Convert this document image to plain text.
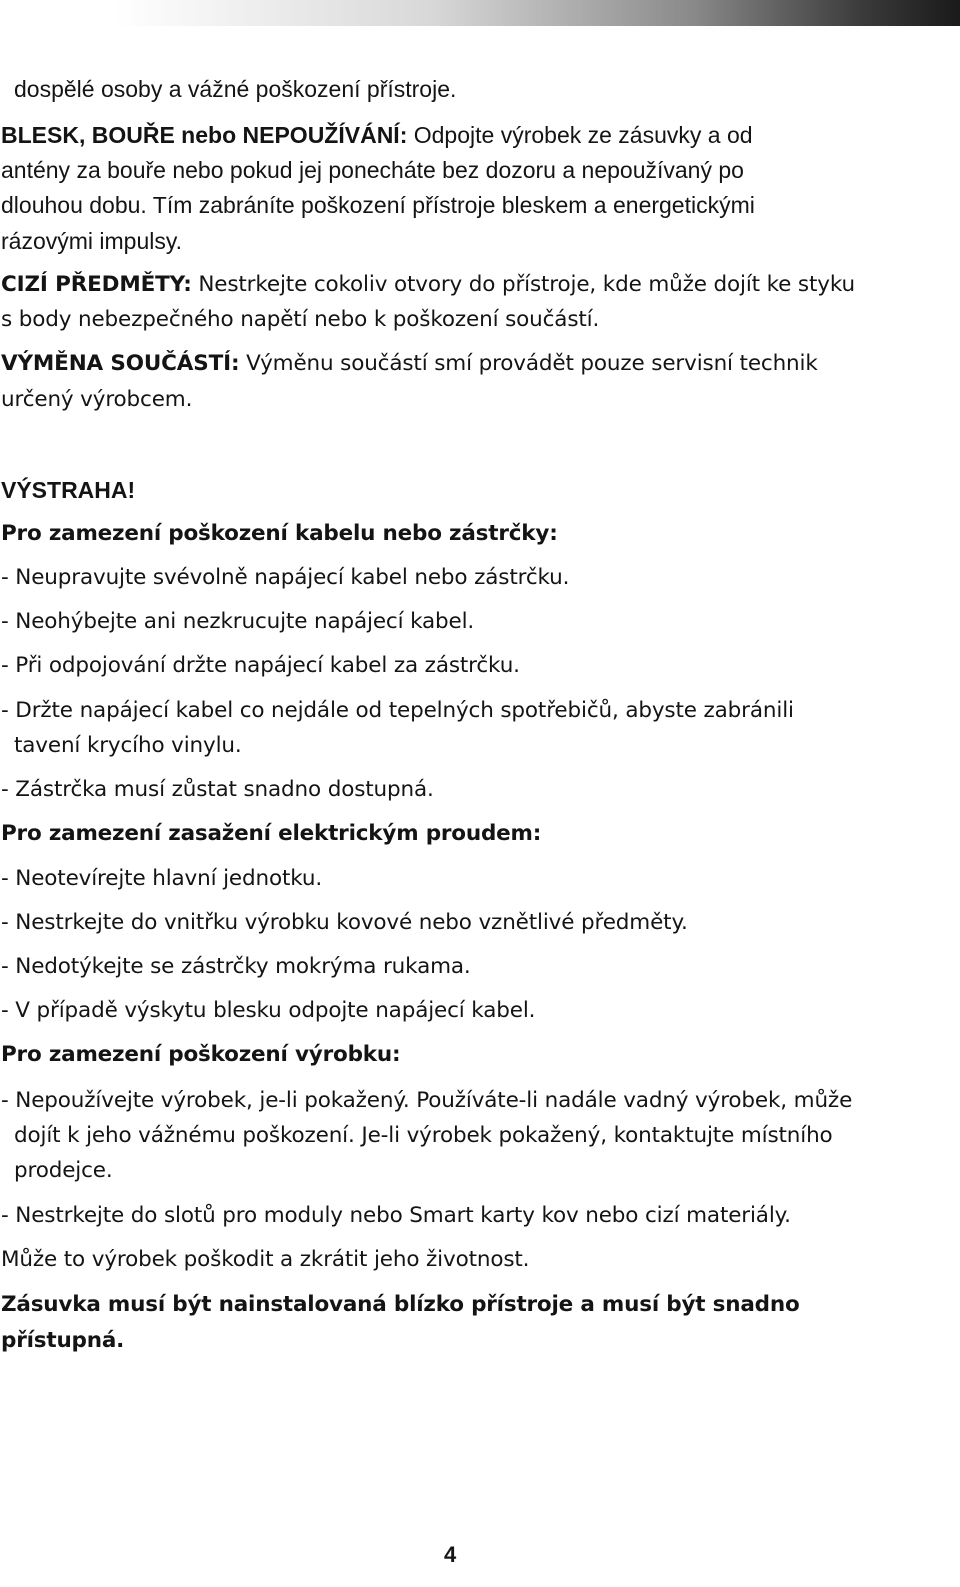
dospělé osoby a vážné poškození přístroje.

BLESK, BOUŘE nebo NEPOUŽÍVÁNÍ: Odpojte výrobek ze zásuvky a od

antény za bouře nebo pokud jej ponecháte bez dozoru a nepoužívaný po

dlouhou dobu. Tím zabráníte poškození přístroje bleskem a energetickými

rázovými impulsy.

CIZÍ PŘEDMĚTY: Nestrkejte cokoliv otvory do přístroje, kde může dojít ke styku

s body nebezpečného napětí nebo k poškození součástí.

VÝMĚNA SOUČÁSTÍ: Výměnu součástí smí provádět pouze servisní technik

určený výrobcem.

VÝSTRAHA!

Pro zamezení poškození kabelu nebo zástrčky:

- Neupravujte svévolně napájecí kabel nebo zástrčku.

- Neohýbejte ani nezkrucujte napájecí kabel.

- Při odpojování držte napájecí kabel za zástrčku.

- Držte napájecí kabel co nejdále od tepelných spotřebičů, abyste zabránili

tavení krycího vinylu.

- Zástrčka musí zůstat snadno dostupná.

Pro zamezení zasažení elektrickým proudem:

- Neotevírejte hlavní jednotku.

- Nestrkejte do vnitřku výrobku kovové nebo vznětlivé předměty.

- Nedotýkejte se zástrčky mokrýma rukama.

- V případě výskytu blesku odpojte napájecí kabel.

Pro zamezení poškození výrobku:

- Nepoužívejte výrobek, je-li pokažený. Používáte-li nadále vadný výrobek, může

dojít k jeho vážnému poškození. Je-li výrobek pokažený, kontaktujte místního

prodejce.

- Nestrkejte do slotů pro moduly nebo Smart karty kov nebo cizí materiály.

Může to výrobek poškodit a zkrátit jeho životnost.

Zásuvka musí být nainstalovaná blízko přístroje a musí být snadno

přístupná.

4
